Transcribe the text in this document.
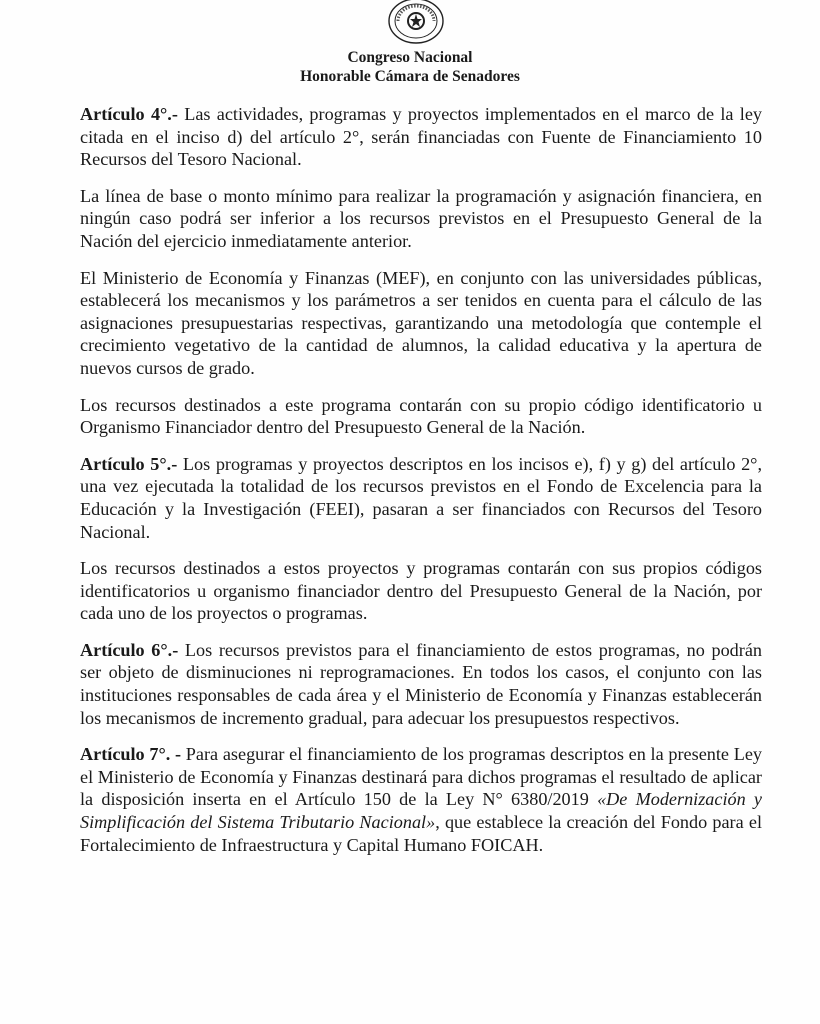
Congreso Nacional
Honorable Cámara de Senadores

Artículo 4°.- Las actividades, programas y proyectos implementados en el marco de la ley citada en el inciso d) del artículo 2°, serán financiadas con Fuente de Financiamiento 10 Recursos del Tesoro Nacional.

La línea de base o monto mínimo para realizar la programación y asignación financiera, en ningún caso podrá ser inferior a los recursos previstos en el Presupuesto General de la Nación del ejercicio inmediatamente anterior.

El Ministerio de Economía y Finanzas (MEF), en conjunto con las universidades públicas, establecerá los mecanismos y los parámetros a ser tenidos en cuenta para el cálculo de las asignaciones presupuestarias respectivas, garantizando una metodología que contemple el crecimiento vegetativo de la cantidad de alumnos, la calidad educativa y la apertura de nuevos cursos de grado.

Los recursos destinados a este programa contarán con su propio código identificatorio u Organismo Financiador dentro del Presupuesto General de la Nación.

Artículo 5°.- Los programas y proyectos descriptos en los incisos e), f) y g) del artículo 2°, una vez ejecutada la totalidad de los recursos previstos en el Fondo de Excelencia para la Educación y la Investigación (FEEI), pasaran a ser financiados con Recursos del Tesoro Nacional.

Los recursos destinados a estos proyectos y programas contarán con sus propios códigos identificatorios u organismo financiador dentro del Presupuesto General de la Nación, por cada uno de los proyectos o programas.

Artículo 6°.- Los recursos previstos para el financiamiento de estos programas, no podrán ser objeto de disminuciones ni reprogramaciones. En todos los casos, el conjunto con las instituciones responsables de cada área y el Ministerio de Economía y Finanzas establecerán los mecanismos de incremento gradual, para adecuar los presupuestos respectivos.

Artículo 7°. - Para asegurar el financiamiento de los programas descriptos en la presente Ley el Ministerio de Economía y Finanzas destinará para dichos programas el resultado de aplicar la disposición inserta en el Artículo 150 de la Ley N° 6380/2019 «De Modernización y Simplificación del Sistema Tributario Nacional», que establece la creación del Fondo para el Fortalecimiento de Infraestructura y Capital Humano FOICAH.
